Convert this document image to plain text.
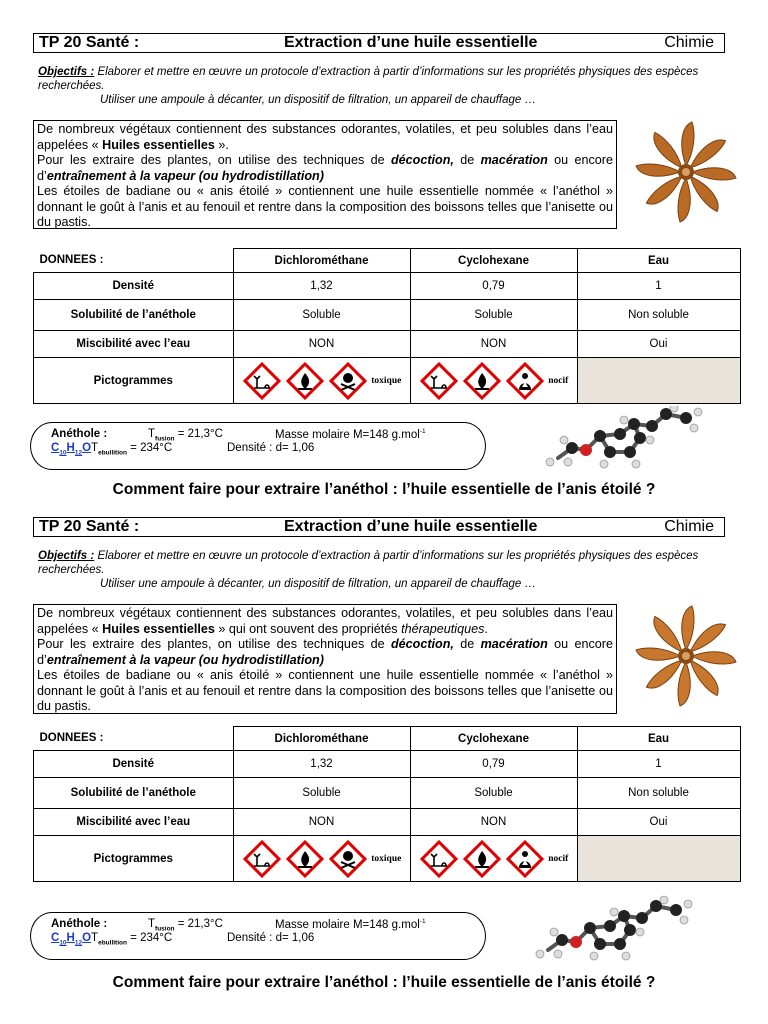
TP 20 Santé :	Extraction d’une huile essentielle	Chimie
Objectifs : Elaborer et mettre en œuvre un protocole d’extraction à partir d’informations sur les propriétés physiques des espèces recherchées.
Utiliser une ampoule à décanter, un dispositif de filtration, un appareil de chauffage …
De nombreux végétaux contiennent des substances odorantes, volatiles, et peu solubles dans l’eau appelées « Huiles essentielles ».
Pour les extraire des plantes, on utilise des techniques de décoction, de macération ou encore d’entraînement à la vapeur (ou hydrodistillation)
Les étoiles de badiane ou « anis étoilé » contiennent une huile essentielle nommée « l’anéthol » donnant le goût à l’anis et au fenouil et rentre dans la composition des boissons telles que l’anisette ou du pastis.
DONNEES :	Dichlorométhane	Cyclohexane	Eau
Densité	1,32	0,79	1
Solubilité de l’anéthole	Soluble	Soluble	Non soluble
Miscibilité avec l’eau	NON	NON	Oui
Pictogrammes	toxique	nocif	
Anéthole :	$T_{fusion} = 21,3^\circ C$	Masse molaire M=148 g.mol$^{-1}$
$C_{10}H_{12}OT_{ebullition} = 234^\circ C$	Densité : d= 1,06
Comment faire pour extraire l’anéthol : l’huile essentielle de l’anis étoilé ?
TP 20 Santé :	Extraction d’une huile essentielle	Chimie
Objectifs : Elaborer et mettre en œuvre un protocole d’extraction à partir d’informations sur les propriétés physiques des espèces recherchées.
Utiliser une ampoule à décanter, un dispositif de filtration, un appareil de chauffage …
De nombreux végétaux contiennent des substances odorantes, volatiles, et peu solubles dans l’eau appelées « Huiles essentielles » qui ont souvent des propriétés thérapeutiques.
Pour les extraire des plantes, on utilise des techniques de décoction, de macération ou encore d’entraînement à la vapeur (ou hydrodistillation)
Les étoiles de badiane ou « anis étoilé » contiennent une huile essentielle nommée « l’anéthol » donnant le goût à l’anis et au fenouil et rentre dans la composition des boissons telles que l’anisette ou du pastis.
DONNEES :	Dichlorométhane	Cyclohexane	Eau
Densité	1,32	0,79	1
Solubilité de l’anéthole	Soluble	Soluble	Non soluble
Miscibilité avec l’eau	NON	NON	Oui
Pictogrammes	toxique	nocif	
Anéthole :	$T_{fusion} = 21,3^\circ C$	Masse molaire M=148 g.mol$^{-1}$
$C_{10}H_{12}OT_{ebullition} = 234^\circ C$	Densité : d= 1,06
Comment faire pour extraire l’anéthol : l’huile essentielle de l’anis étoilé ?
